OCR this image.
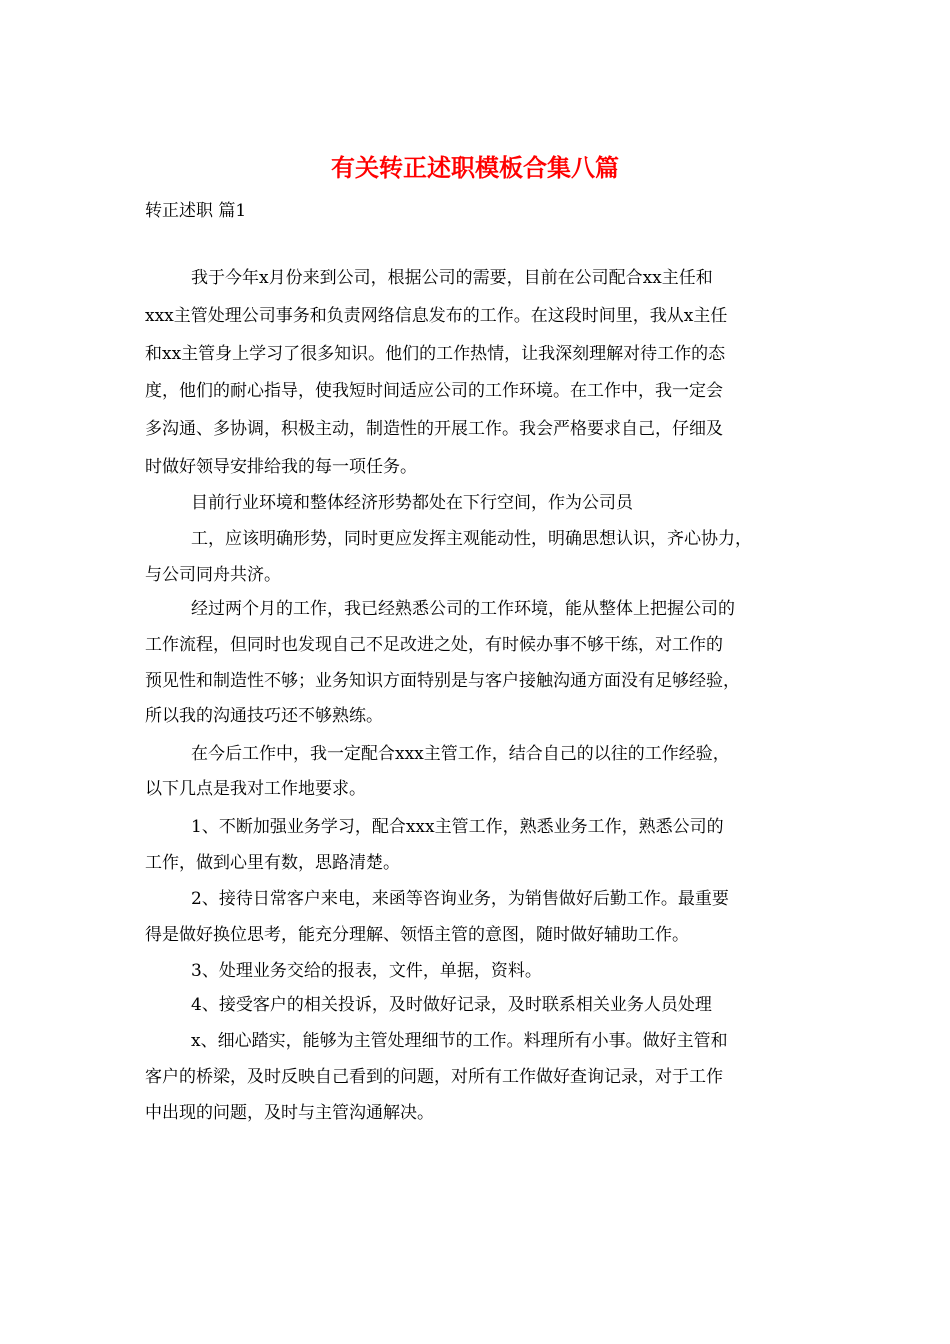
有关转正述职模板合集八篇
转正述职 篇1
我于今年x月份来到公司，根据公司的需要，目前在公司配合xx主任和
xxx主管处理公司事务和负责网络信息发布的工作。在这段时间里，我从x主任
和xx主管身上学习了很多知识。他们的工作热情，让我深刻理解对待工作的态
度，他们的耐心指导，使我短时间适应公司的工作环境。在工作中，我一定会
多沟通、多协调，积极主动，制造性的开展工作。我会严格要求自己，仔细及
时做好领导安排给我的每一项任务。
目前行业环境和整体经济形势都处在下行空间，作为公司员
工，应该明确形势，同时更应发挥主观能动性，明确思想认识，齐心协力，
与公司同舟共济。
经过两个月的工作，我已经熟悉公司的工作环境，能从整体上把握公司的
工作流程，但同时也发现自己不足改进之处，有时候办事不够干练，对工作的
预见性和制造性不够；业务知识方面特别是与客户接触沟通方面没有足够经验，
所以我的沟通技巧还不够熟练。
在今后工作中，我一定配合xxx主管工作，结合自己的以往的工作经验，
以下几点是我对工作地要求。
1、不断加强业务学习，配合xxx主管工作，熟悉业务工作，熟悉公司的
工作，做到心里有数，思路清楚。
2、接待日常客户来电，来函等咨询业务，为销售做好后勤工作。最重要
得是做好换位思考，能充分理解、领悟主管的意图，随时做好辅助工作。
3、处理业务交给的报表，文件，单据，资料。
4、接受客户的相关投诉，及时做好记录，及时联系相关业务人员处理
x、细心踏实，能够为主管处理细节的工作。料理所有小事。做好主管和
客户的桥梁，及时反映自己看到的问题，对所有工作做好查询记录，对于工作
中出现的问题，及时与主管沟通解决。
